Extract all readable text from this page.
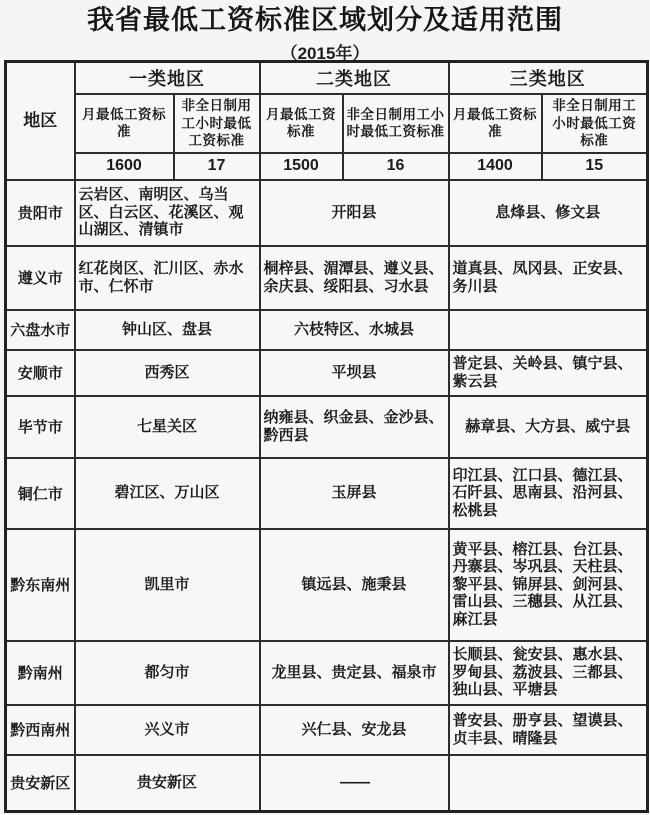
我省最低工资标准区域划分及适用范围
（2015年）
地区	一类地区		二类地区		三类地区	
	月最低工资标准	非全日制用工小时最低工资标准	月最低工资标准	非全日制用工小时最低工资标准	月最低工资标准	非全日制用工小时最低工资标准
	1600	17	1500	16	1400	15
贵阳市	云岩区、南明区、乌当区、白云区、花溪区、观山湖区、清镇市		开阳县		息烽县、修文县	
遵义市	红花岗区、汇川区、赤水市、仁怀市		桐梓县、湄潭县、遵义县、余庆县、绥阳县、习水县		道真县、凤冈县、正安县、务川县	
六盘水市	钟山区、盘县		六枝特区、水城县			
安顺市	西秀区		平坝县		普定县、关岭县、镇宁县、紫云县	
毕节市	七星关区		纳雍县、织金县、金沙县、黔西县		赫章县、大方县、威宁县	
铜仁市	碧江区、万山区		玉屏县		印江县、江口县、德江县、石阡县、思南县、沿河县、松桃县	
黔东南州	凯里市		镇远县、施秉县		黄平县、榕江县、台江县、丹寨县、岑巩县、天柱县、黎平县、锦屏县、剑河县、雷山县、三穗县、从江县、麻江县	
黔南州	都匀市		龙里县、贵定县、福泉市		长顺县、瓮安县、惠水县、罗甸县、荔波县、三都县、独山县、平塘县	
黔西南州	兴义市		兴仁县、安龙县		普安县、册亨县、望谟县、贞丰县、晴隆县	
贵安新区	贵安新区		——			
